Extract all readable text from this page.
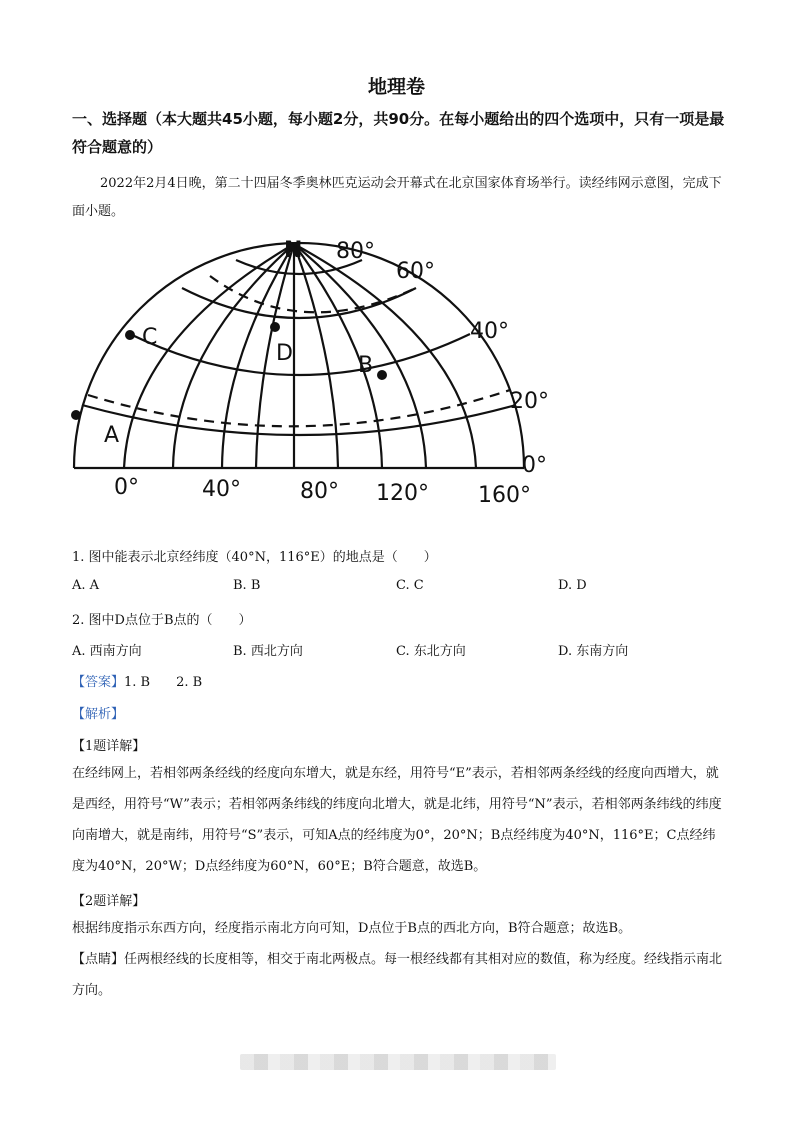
地理卷
一、选择题（本大题共45小题，每小题2分，共90分。在每小题给出的四个选项中，只有一项是最符合题意的）
2022年2月4日晚，第二十四届冬季奥林匹克运动会开幕式在北京国家体育场举行。读经纬网示意图，完成下面小题。
N 80°
60°
40°
20°
0°
0°	40°	80° 120° 160°
A
B
C
D
1. 图中能表示北京经纬度（40°N，116°E）的地点是（　　）
A. A	B. B	C. C	D. D
2. 图中D点位于B点的（　　）
A. 西南方向	B. 西北方向	C. 东北方向	D. 东南方向
【答案】1. B　　2. B
【解析】
【1题详解】
在经纬网上，若相邻两条经线的经度向东增大，就是东经，用符号“E”表示，若相邻两条经线的经度向西增大，就是西经，用符号“W”表示；若相邻两条纬线的纬度向北增大，就是北纬，用符号“N”表示，若相邻两条纬线的纬度向南增大，就是南纬，用符号“S”表示，可知A点的经纬度为0°，20°N；B点经纬度为40°N，116°E；C点经纬度为40°N，20°W；D点经纬度为60°N，60°E；B符合题意，故选B。
【2题详解】
根据纬度指示东西方向，经度指示南北方向可知，D点位于B点的西北方向，B符合题意；故选B。
【点睛】任两根经线的长度相等，相交于南北两极点。每一根经线都有其相对应的数值，称为经度。经线指示南北方向。
